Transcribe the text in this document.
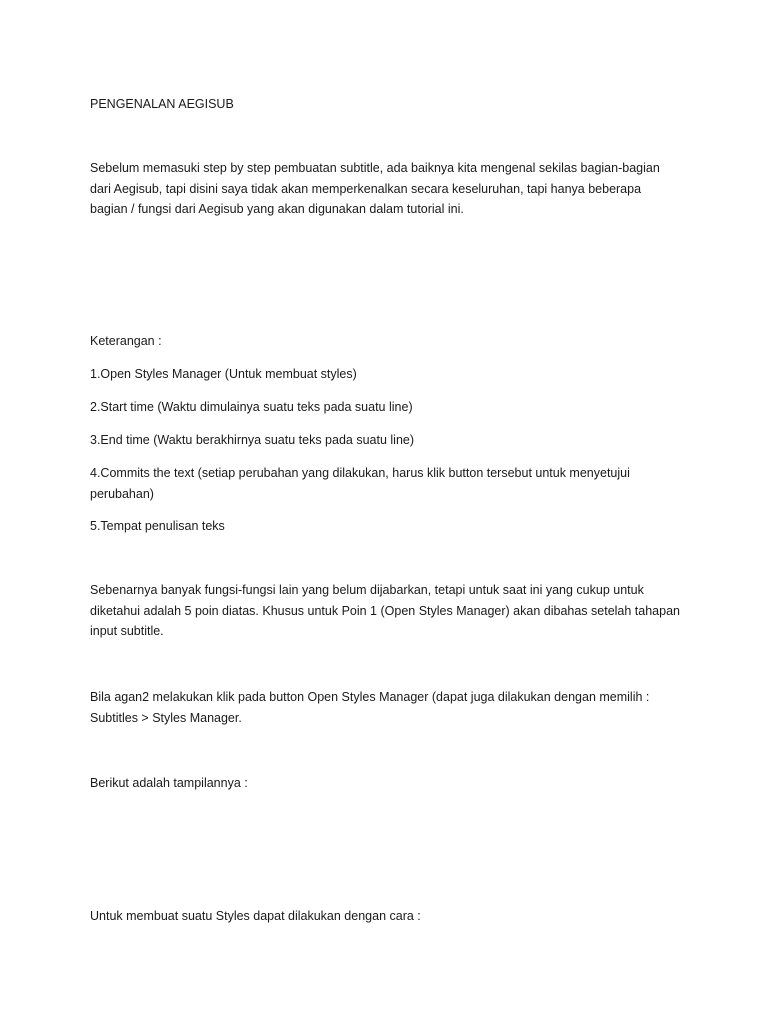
PENGENALAN AEGISUB
Sebelum memasuki step by step pembuatan subtitle, ada baiknya kita mengenal sekilas bagian-bagian dari Aegisub, tapi disini saya tidak akan memperkenalkan secara keseluruhan, tapi hanya beberapa bagian / fungsi dari Aegisub yang akan digunakan dalam tutorial ini.
Keterangan :
1.Open Styles Manager (Untuk membuat styles)
2.Start time (Waktu dimulainya suatu teks pada suatu line)
3.End time (Waktu berakhirnya suatu teks pada suatu line)
4.Commits the text (setiap perubahan yang dilakukan, harus klik button tersebut untuk menyetujui perubahan)
5.Tempat penulisan teks
Sebenarnya banyak fungsi-fungsi lain yang belum dijabarkan, tetapi untuk saat ini yang cukup untuk diketahui adalah 5 poin diatas. Khusus untuk Poin 1 (Open Styles Manager) akan dibahas setelah tahapan input subtitle.
Bila agan2 melakukan klik pada button Open Styles Manager (dapat juga dilakukan dengan memilih : Subtitles > Styles Manager.
Berikut adalah tampilannya :
Untuk membuat suatu Styles dapat dilakukan dengan cara :
